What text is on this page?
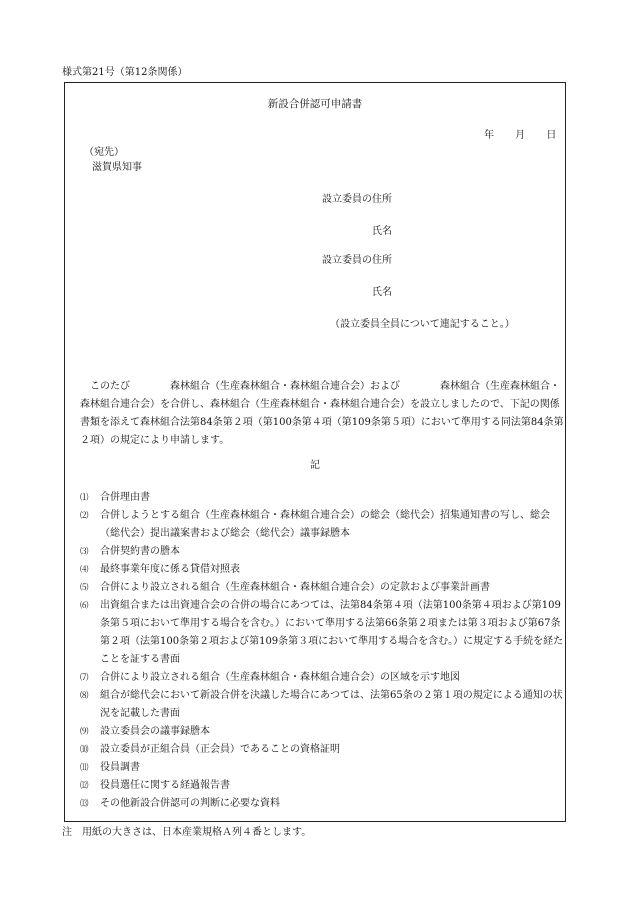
様式第21号（第12条関係）
新設合併認可申請書
年 月 日
（宛先）
滋賀県知事
設立委員の住所
氏名
設立委員の住所
氏名
（設立委員全員について連記すること。）
このたび　　　　森林組合（生産森林組合・森林組合連合会）および　　　　森林組合（生産森林組合・森林組合連合会）を合併し、森林組合（生産森林組合・森林組合連合会）を設立しましたので、下記の関係書類を添えて森林組合法第84条第２項（第100条第４項（第109条第５項）において準用する同法第84条第２項）の規定により申請します。
記
⑴ 合併理由書
⑵ 合併しようとする組合（生産森林組合・森林組合連合会）の総会（総代会）招集通知書の写し、総会（総代会）提出議案書および総会（総代会）議事録謄本
⑶ 合併契約書の謄本
⑷ 最終事業年度に係る貸借対照表
⑸ 合併により設立される組合（生産森林組合・森林組合連合会）の定款および事業計画書
⑹ 出資組合または出資連合会の合併の場合にあつては、法第84条第４項（法第100条第４項および第109条第５項において準用する場合を含む。）において準用する法第66条第２項または第３項および第67条第２項（法第100条第２項および第109条第３項において準用する場合を含む。）に規定する手続を経たことを証する書面
⑺ 合併により設立される組合（生産森林組合・森林組合連合会）の区域を示す地図
⑻ 組合が総代会において新設合併を決議した場合にあつては、法第65条の２第１項の規定による通知の状況を記載した書面
⑼ 設立委員会の議事録謄本
⑽ 設立委員が正組合員（正会員）であることの資格証明
⑾ 役員調書
⑿ 役員選任に関する経過報告書
⒀ その他新設合併認可の判断に必要な資料
注　用紙の大きさは、日本産業規格Ａ列４番とします。
